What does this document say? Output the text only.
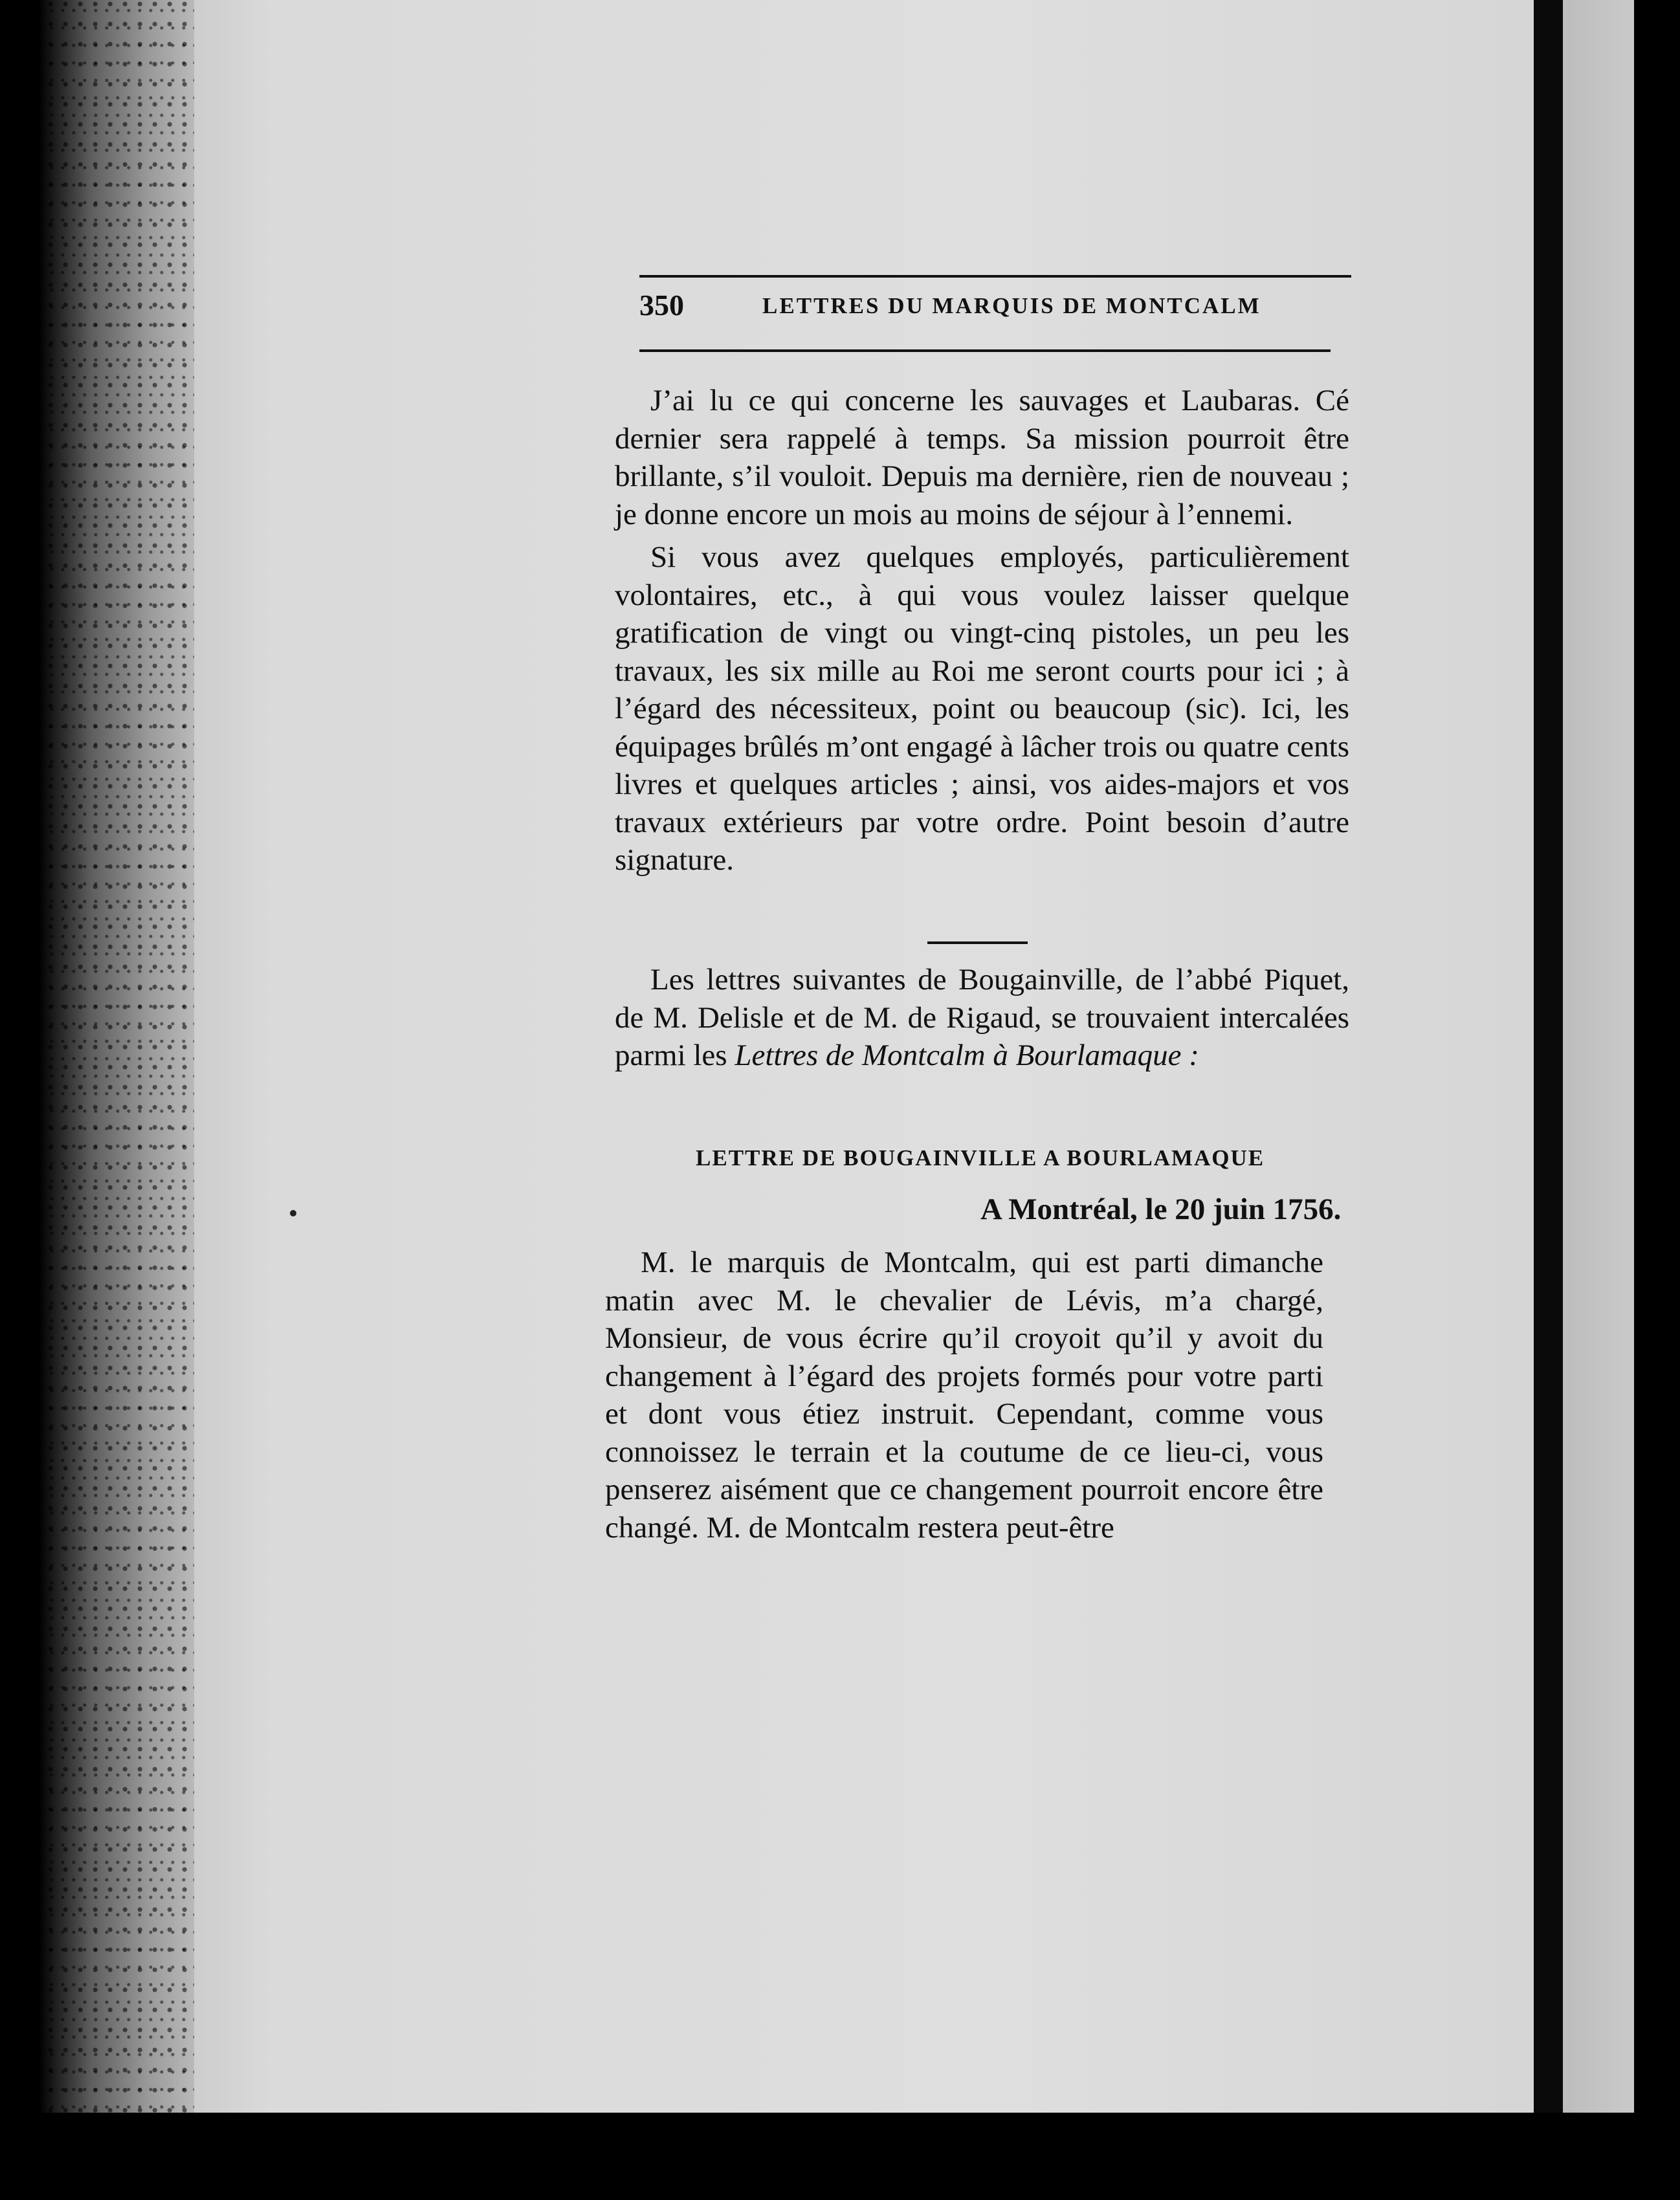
350	LETTRES DU MARQUIS DE MONTCALM

J’ai lu ce qui concerne les sauvages et Laubaras. Cé dernier sera rappelé à temps. Sa mission pourroit être brillante, s’il vouloit. Depuis ma dernière, rien de nouveau ; je donne encore un mois au moins de séjour à l’ennemi.

Si vous avez quelques employés, particulièrement volontaires, etc., à qui vous voulez laisser quelque gratification de vingt ou vingt-cinq pistoles, un peu les travaux, les six mille au Roi me seront courts pour ici ; à l’égard des nécessiteux, point ou beaucoup (sic). Ici, les équipages brûlés m’ont engagé à lâcher trois ou quatre cents livres et quelques articles ; ainsi, vos aides-majors et vos travaux extérieurs par votre ordre. Point besoin d’autre signature.

Les lettres suivantes de Bougainville, de l’abbé Piquet, de M. Delisle et de M. de Rigaud, se trouvaient intercalées parmi les Lettres de Montcalm à Bourlamaque :

LETTRE DE BOUGAINVILLE A BOURLAMAQUE
A Montréal, le 20 juin 1756.

M. le marquis de Montcalm, qui est parti dimanche matin avec M. le chevalier de Lévis, m’a chargé, Monsieur, de vous écrire qu’il croyoit qu’il y avoit du changement à l’égard des projets formés pour votre parti et dont vous étiez instruit. Cependant, comme vous connoissez le terrain et la coutume de ce lieu-ci, vous penserez aisément que ce changement pourroit encore être changé. M. de Montcalm restera peut-être
